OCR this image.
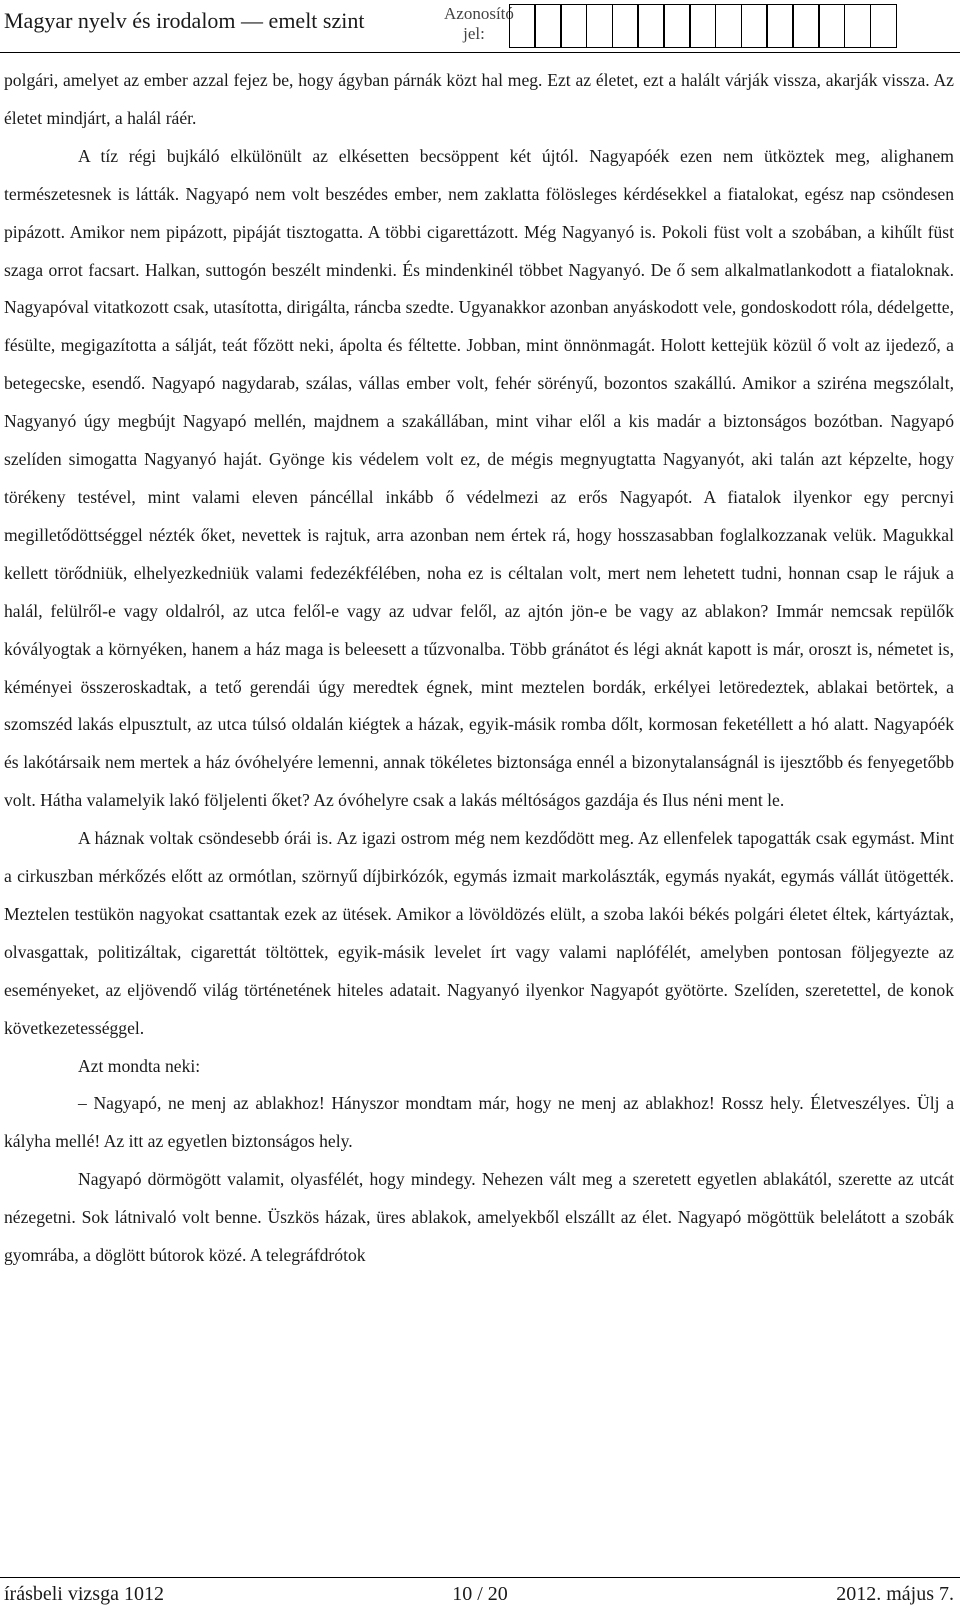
Magyar nyelv és irodalom — emelt szint	Azonosító
jel:

polgári, amelyet az ember azzal fejez be, hogy ágyban párnák közt hal meg. Ezt az életet, ezt a halált várják vissza, akarják vissza. Az életet mindjárt, a halál ráér.

A tíz régi bujkáló elkülönült az elkésetten becsöppent két újtól. Nagyapóék ezen nem ütköztek meg, alighanem természetesnek is látták. Nagyapó nem volt beszédes ember, nem zaklatta fölösleges kérdésekkel a fiatalokat, egész nap csöndesen pipázott. Amikor nem pipázott, pipáját tisztogatta. A többi cigarettázott. Még Nagyanyó is. Pokoli füst volt a szobában, a kihűlt füst szaga orrot facsart. Halkan, suttogón beszélt mindenki. És mindenkinél többet Nagyanyó. De ő sem alkalmatlankodott a fiataloknak. Nagyapóval vitatkozott csak, utasította, dirigálta, ráncba szedte. Ugyanakkor azonban anyáskodott vele, gondoskodott róla, dédelgette, fésülte, megigazította a sálját, teát főzött neki, ápolta és féltette. Jobban, mint önnönmagát. Holott kettejük közül ő volt az ijedező, a betegecske, esendő. Nagyapó nagydarab, szálas, vállas ember volt, fehér sörényű, bozontos szakállú. Amikor a sziréna megszólalt, Nagyanyó úgy megbújt Nagyapó mellén, majdnem a szakállában, mint vihar elől a kis madár a biztonságos bozótban. Nagyapó szelíden simogatta Nagyanyó haját. Gyönge kis védelem volt ez, de mégis megnyugtatta Nagyanyót, aki talán azt képzelte, hogy törékeny testével, mint valami eleven páncéllal inkább ő védelmezi az erős Nagyapót. A fiatalok ilyenkor egy percnyi megilletődöttséggel nézték őket, nevettek is rajtuk, arra azonban nem értek rá, hogy hosszasabban foglalkozzanak velük. Magukkal kellett törődniük, elhelyezkedniük valami fedezékfélében, noha ez is céltalan volt, mert nem lehetett tudni, honnan csap le rájuk a halál, felülről-e vagy oldalról, az utca felől-e vagy az udvar felől, az ajtón jön-e be vagy az ablakon? Immár nemcsak repülők kóvályogtak a környéken, hanem a ház maga is beleesett a tűzvonalba. Több gránátot és légi aknát kapott is már, oroszt is, németet is, kéményei összeroskadtak, a tető gerendái úgy meredtek égnek, mint meztelen bordák, erkélyei letöredeztek, ablakai betörtek, a szomszéd lakás elpusztult, az utca túlsó oldalán kiégtek a házak, egyik-másik romba dőlt, kormosan feketéllett a hó alatt. Nagyapóék és lakótársaik nem mertek a ház óvóhelyére lemenni, annak tökéletes biztonsága ennél a bizonytalanságnál is ijesztőbb és fenyegetőbb volt. Hátha valamelyik lakó följelenti őket? Az óvóhelyre csak a lakás méltóságos gazdája és Ilus néni ment le.

A háznak voltak csöndesebb órái is. Az igazi ostrom még nem kezdődött meg. Az ellenfelek tapogatták csak egymást. Mint a cirkuszban mérkőzés előtt az ormótlan, szörnyű díjbirkózók, egymás izmait markolászták, egymás nyakát, egymás vállát ütögették. Meztelen testükön nagyokat csattantak ezek az ütések. Amikor a lövöldözés elült, a szoba lakói békés polgári életet éltek, kártyáztak, olvasgattak, politizáltak, cigarettát töltöttek, egyik-másik levelet írt vagy valami naplófélét, amelyben pontosan följegyezte az eseményeket, az eljövendő világ történetének hiteles adatait. Nagyanyó ilyenkor Nagyapót gyötörte. Szelíden, szeretettel, de konok következetességgel.

Azt mondta neki:

– Nagyapó, ne menj az ablakhoz! Hányszor mondtam már, hogy ne menj az ablakhoz! Rossz hely. Életveszélyes. Ülj a kályha mellé! Az itt az egyetlen biztonságos hely.

Nagyapó dörmögött valamit, olyasfélét, hogy mindegy. Nehezen vált meg a szeretett egyetlen ablakától, szerette az utcát nézegetni. Sok látnivaló volt benne. Üszkös házak, üres ablakok, amelyekből elszállt az élet. Nagyapó mögöttük belelátott a szobák gyomrába, a döglött bútorok közé. A telegráfdrótok

írásbeli vizsga 1012	10 / 20	2012. május 7.
